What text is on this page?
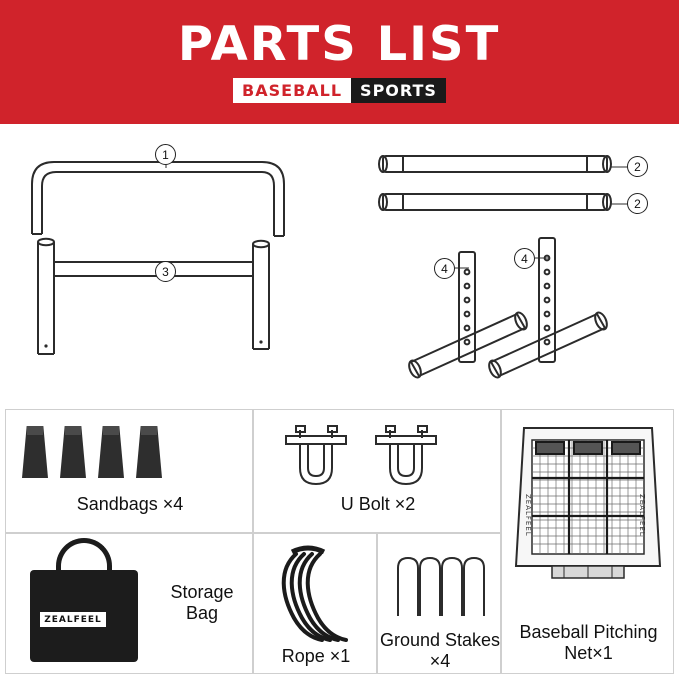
PARTS LIST
BASEBALL	SPORTS
1
3
2
2
4
4
Sandbags ×4	U Bolt ×2
ZEALFEEL
Storage Bag
Rope ×1
Ground Stakes ×4
ZEALFEEL	ZEALFEEL
Baseball Pitching Net×1
